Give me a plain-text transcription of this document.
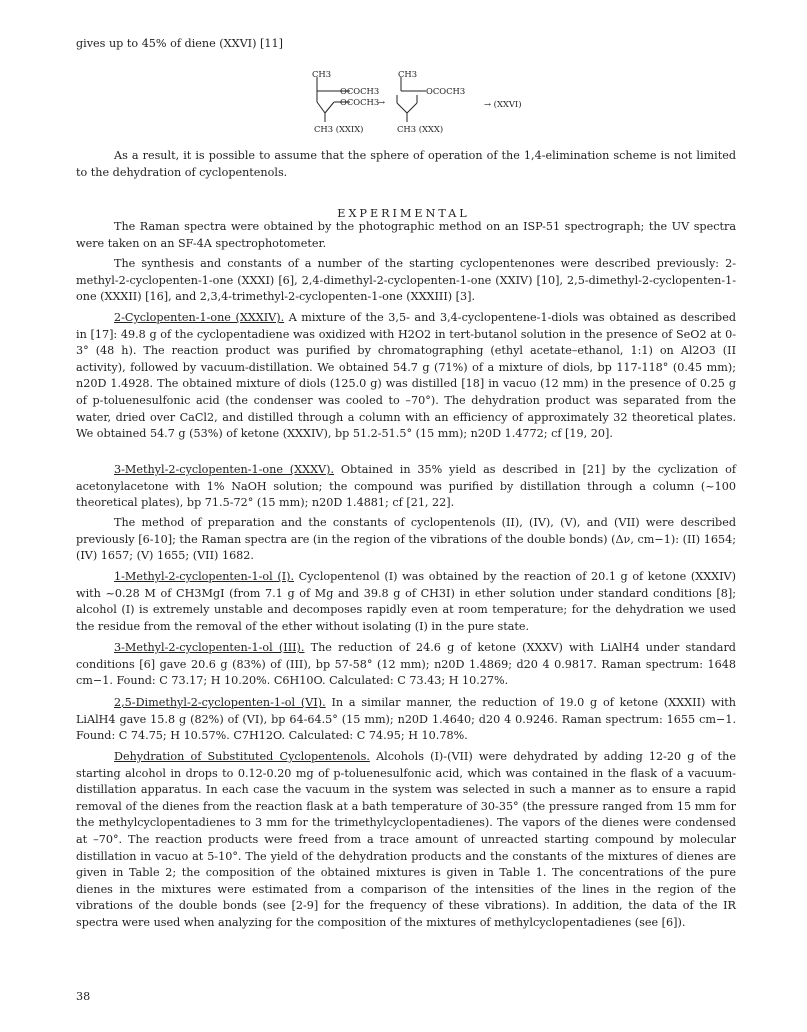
gives up to 45% of diene (XXVI) [11]
CH3
OCOCH3
OCOCH3
→
CH3 (XXIX)
CH3
OCOCH3
→ (XXVI)
CH3 (XXX)
As a result, it is possible to assume that the sphere of operation of the 1,4-elimination scheme is not limited to the dehydration of cyclopentenols.
EXPERIMENTAL
The Raman spectra were obtained by the photographic method on an ISP-51 spectrograph; the UV spectra were taken on an SF-4A spectrophotometer.
The synthesis and constants of a number of the starting cyclopentenones were described previously: 2-methyl-2-cyclopenten-1-one (XXXI) [6], 2,4-dimethyl-2-cyclopenten-1-one (XXIV) [10], 2,5-dimethyl-2-cyclopenten-1-one (XXXII) [16], and 2,3,4-trimethyl-2-cyclopenten-1-one (XXXIII) [3].
2-Cyclopenten-1-one (XXXIV). A mixture of the 3,5- and 3,4-cyclopentene-1-diols was obtained as described in [17]: 49.8 g of the cyclopentadiene was oxidized with H2O2 in tert-butanol solution in the presence of SeO2 at 0-3° (48 h). The reaction product was purified by chromatographing (ethyl acetate–ethanol, 1:1) on Al2O3 (II activity), followed by vacuum-distillation. We obtained 54.7 g (71%) of a mixture of diols, bp 117-118° (0.45 mm); n20D 1.4928. The obtained mixture of diols (125.0 g) was distilled [18] in vacuo (12 mm) in the presence of 0.25 g of p-toluenesulfonic acid (the condenser was cooled to –70°). The dehydration product was separated from the water, dried over CaCl2, and distilled through a column with an efficiency of approximately 32 theoretical plates. We obtained 54.7 g (53%) of ketone (XXXIV), bp 51.2-51.5° (15 mm); n20D 1.4772; cf [19, 20].
3-Methyl-2-cyclopenten-1-one (XXXV). Obtained in 35% yield as described in [21] by the cyclization of acetonylacetone with 1% NaOH solution; the compound was purified by distillation through a column (~100 theoretical plates), bp 71.5-72° (15 mm); n20D 1.4881; cf [21, 22].
The method of preparation and the constants of cyclopentenols (II), (IV), (V), and (VII) were described previously [6-10]; the Raman spectra are (in the region of the vibrations of the double bonds) (Δν, cm−1): (II) 1654; (IV) 1657; (V) 1655; (VII) 1682.
1-Methyl-2-cyclopenten-1-ol (I). Cyclopentenol (I) was obtained by the reaction of 20.1 g of ketone (XXXIV) with ~0.28 M of CH3MgI (from 7.1 g of Mg and 39.8 g of CH3I) in ether solution under standard conditions [8]; alcohol (I) is extremely unstable and decomposes rapidly even at room temperature; for the dehydration we used the residue from the removal of the ether without isolating (I) in the pure state.
3-Methyl-2-cyclopenten-1-ol (III). The reduction of 24.6 g of ketone (XXXV) with LiAlH4 under standard conditions [6] gave 20.6 g (83%) of (III), bp 57-58° (12 mm); n20D 1.4869; d20 4 0.9817. Raman spectrum: 1648 cm−1. Found: C 73.17; H 10.20%. C6H10O. Calculated: C 73.43; H 10.27%.
2,5-Dimethyl-2-cyclopenten-1-ol (VI). In a similar manner, the reduction of 19.0 g of ketone (XXXII) with LiAlH4 gave 15.8 g (82%) of (VI), bp 64-64.5° (15 mm); n20D 1.4640; d20 4 0.9246. Raman spectrum: 1655 cm−1. Found: C 74.75; H 10.57%. C7H12O. Calculated: C 74.95; H 10.78%.
Dehydration of Substituted Cyclopentenols. Alcohols (I)-(VII) were dehydrated by adding 12-20 g of the starting alcohol in drops to 0.12-0.20 mg of p-toluenesulfonic acid, which was contained in the flask of a vacuum-distillation apparatus. In each case the vacuum in the system was selected in such a manner as to ensure a rapid removal of the dienes from the reaction flask at a bath temperature of 30-35° (the pressure ranged from 15 mm for the methylcyclopentadienes to 3 mm for the trimethylcyclopentadienes). The vapors of the dienes were condensed at –70°. The reaction products were freed from a trace amount of unreacted starting compound by molecular distillation in vacuo at 5-10°. The yield of the dehydration products and the constants of the mixtures of dienes are given in Table 2; the composition of the obtained mixtures is given in Table 1. The concentrations of the pure dienes in the mixtures were estimated from a comparison of the intensities of the lines in the region of the vibrations of the double bonds (see [2-9] for the frequency of these vibrations). In addition, the data of the IR spectra were used when analyzing for the composition of the mixtures of methylcyclopentadienes (see [6]).
38
